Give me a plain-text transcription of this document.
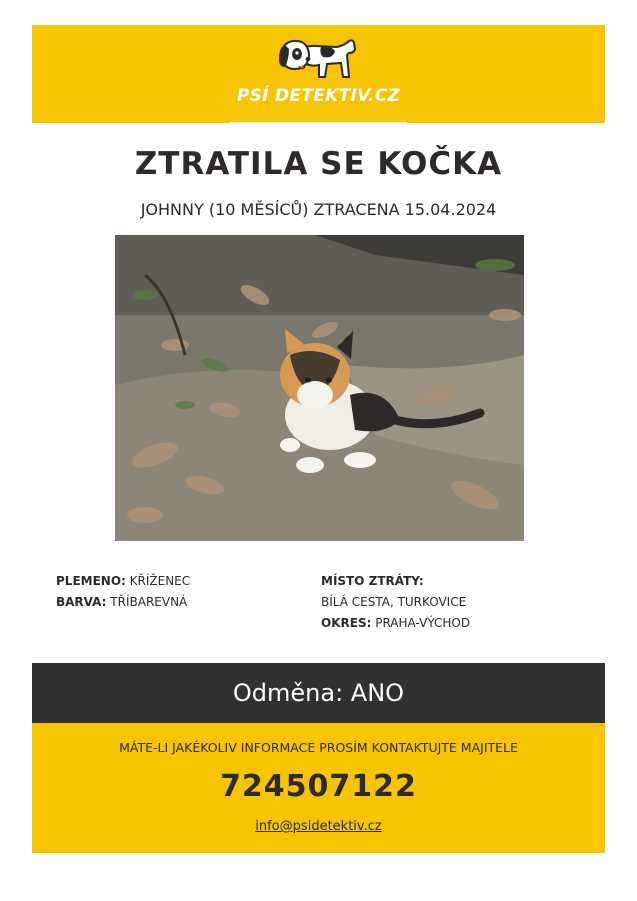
PSÍ DETEKTIV.CZ
ZTRATILA SE KOČKA
JOHNNY (10 MĚSÍCŮ) ZTRACENA 15.04.2024
PLEMENO: KŘÍŽENEC
BARVA: TŘÍBAREVNÁ
MÍSTO ZTRÁTY:
BÍLÁ CESTA, TURKOVICE
OKRES: PRAHA-VÝCHOD
Odměna: ANO
MÁTE-LI JAKÉKOLIV INFORMACE PROSÍM KONTAKTUJTE MAJITELE
724507122
info@psidetektiv.cz
